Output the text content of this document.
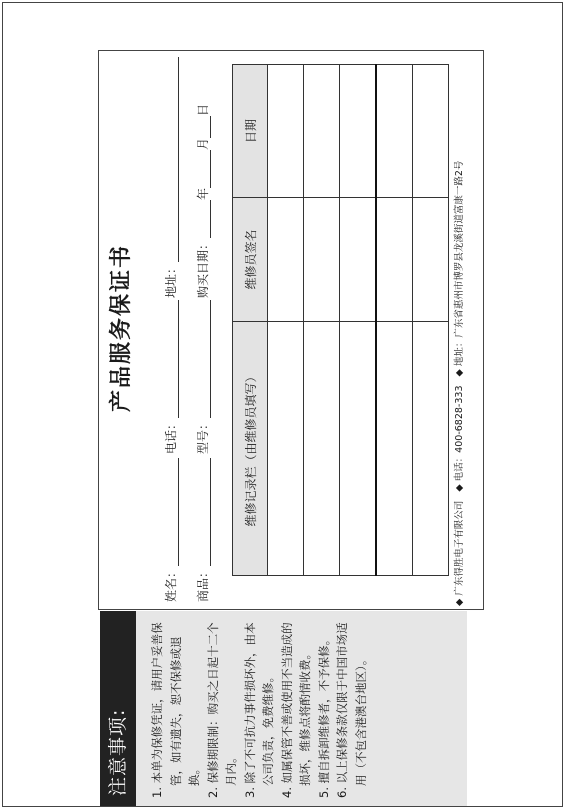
注意事项:	1. 本单为保修凭证，请用户妥善保管，如有遗失，恕不保修或退换。 2. 保修期限制：购买之日起十二个月内。 3. 除了不可抗力事件损坏外，由本公司负责，免费维修。 4. 如属保管不善或使用不当造成的损坏，维修点将酌情收费。 5. 擅自拆卸维修者，不予保修。 6. 以上保修条款仅限于中国市场适用（不包含港澳台地区）。
产品服务保证书
姓名：
电话：
地址：
商品：
型号：
购买日期：年月日
维修记录栏（由维修员填写）	维修员签名	日期

◆ 广东得胜电子有限公司 ◆ 电话：400-6828-333 ◆ 地址：广东省惠州市博罗县龙溪街道富康一路2号
